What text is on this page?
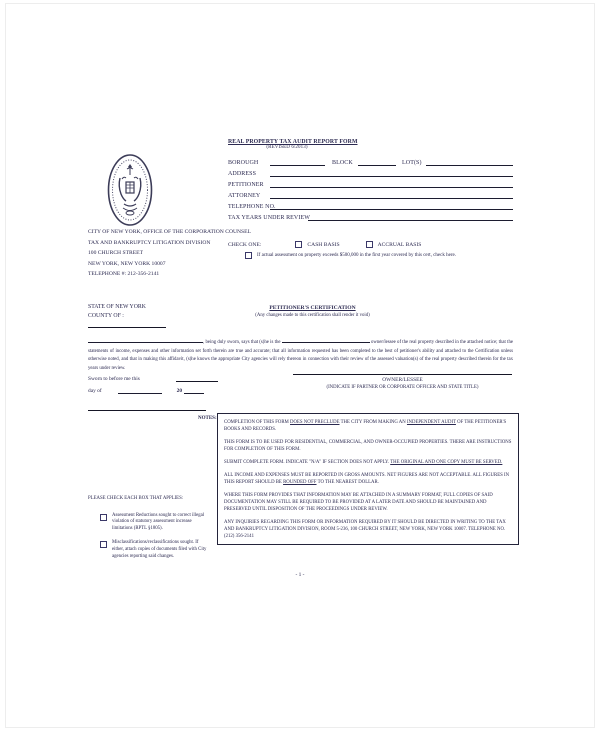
REAL PROPERTY TAX AUDIT REPORT FORM
(REVISED 6/2013)
BOROUGH	BLOCK	LOT(S)
ADDRESS
PETITIONER
ATTORNEY
TELEPHONE NO.
TAX YEARS UNDER REVIEW
CITY OF NEW YORK, OFFICE OF THE CORPORATION COUNSEL
TAX AND BANKRUPTCY LITIGATION DIVISION
100 CHURCH STREET
NEW YORK, NEW YORK 10007
TELEPHONE #: 212-356-2141
CHECK ONE:	CASH BASIS	ACCRUAL BASIS
If actual assessment on property exceeds $500,000 in the first year covered by this cert, check here.
STATE OF NEW YORK
COUNTY OF :
PETITIONER'S CERTIFICATION
(Any changes made to this certification shall render it void)
, being duly sworn, says that (s)he is the	owner/lessee of the real property described in the attached notice; that the statements of income, expenses and other information set forth therein are true and accurate; that all information requested has been completed to the best of petitioner's ability and attached to the Certification unless otherwise noted, and that in making this affidavit, (s)he knows the appropriate City agencies will rely thereon in connection with their review of the assessed valuation(s) of the real property described therein for the tax years under review.
Sworn to before me this
day of	20
OWNER/LESSEE
(INDICATE IF PARTNER OR CORPORATE OFFICER AND STATE TITLE)
NOTES:

COMPLETION OF THIS FORM DOES NOT PRECLUDE THE CITY FROM MAKING AN INDEPENDENT AUDIT OF THE PETITIONER'S BOOKS AND RECORDS.

THIS FORM IS TO BE USED FOR RESIDENTIAL, COMMERCIAL, AND OWNER-OCCUPIED PROPERTIES. THERE ARE INSTRUCTIONS FOR COMPLETION OF THIS FORM.

SUBMIT COMPLETE FORM. INDICATE "N/A" IF SECTION DOES NOT APPLY. THE ORIGINAL AND ONE COPY MUST BE SERVED.

ALL INCOME AND EXPENSES MUST BE REPORTED IN GROSS AMOUNTS. NET FIGURES ARE NOT ACCEPTABLE. ALL FIGURES IN THIS REPORT SHOULD BE ROUNDED OFF TO THE NEAREST DOLLAR.

WHERE THIS FORM PROVIDES THAT INFORMATION MAY BE ATTACHED IN A SUMMARY FORMAT, FULL COPIES OF SAID DOCUMENTATION MAY STILL BE REQUIRED TO BE PROVIDED AT A LATER DATE AND SHOULD BE MAINTAINED AND PRESERVED UNTIL DISPOSITION OF THE PROCEEDINGS UNDER REVIEW.

ANY INQUIRIES REGARDING THIS FORM OR INFORMATION REQUIRED BY IT SHOULD BE DIRECTED IN WRITING TO THE TAX AND BANKRUPTCY LITIGATION DIVISION, ROOM 5-236, 100 CHURCH STREET, NEW YORK, NEW YORK 10007. TELEPHONE NO. (212) 356-2141

PLEASE CHECK EACH BOX THAT APPLIES:
Assessment Reductions sought to correct illegal violation of statutory assessment increase limitations (RPTL §1805).
Misclassifications/reclassifications sought. If either, attach copies of documents filed with City agencies reporting said changes.
- 1 -
